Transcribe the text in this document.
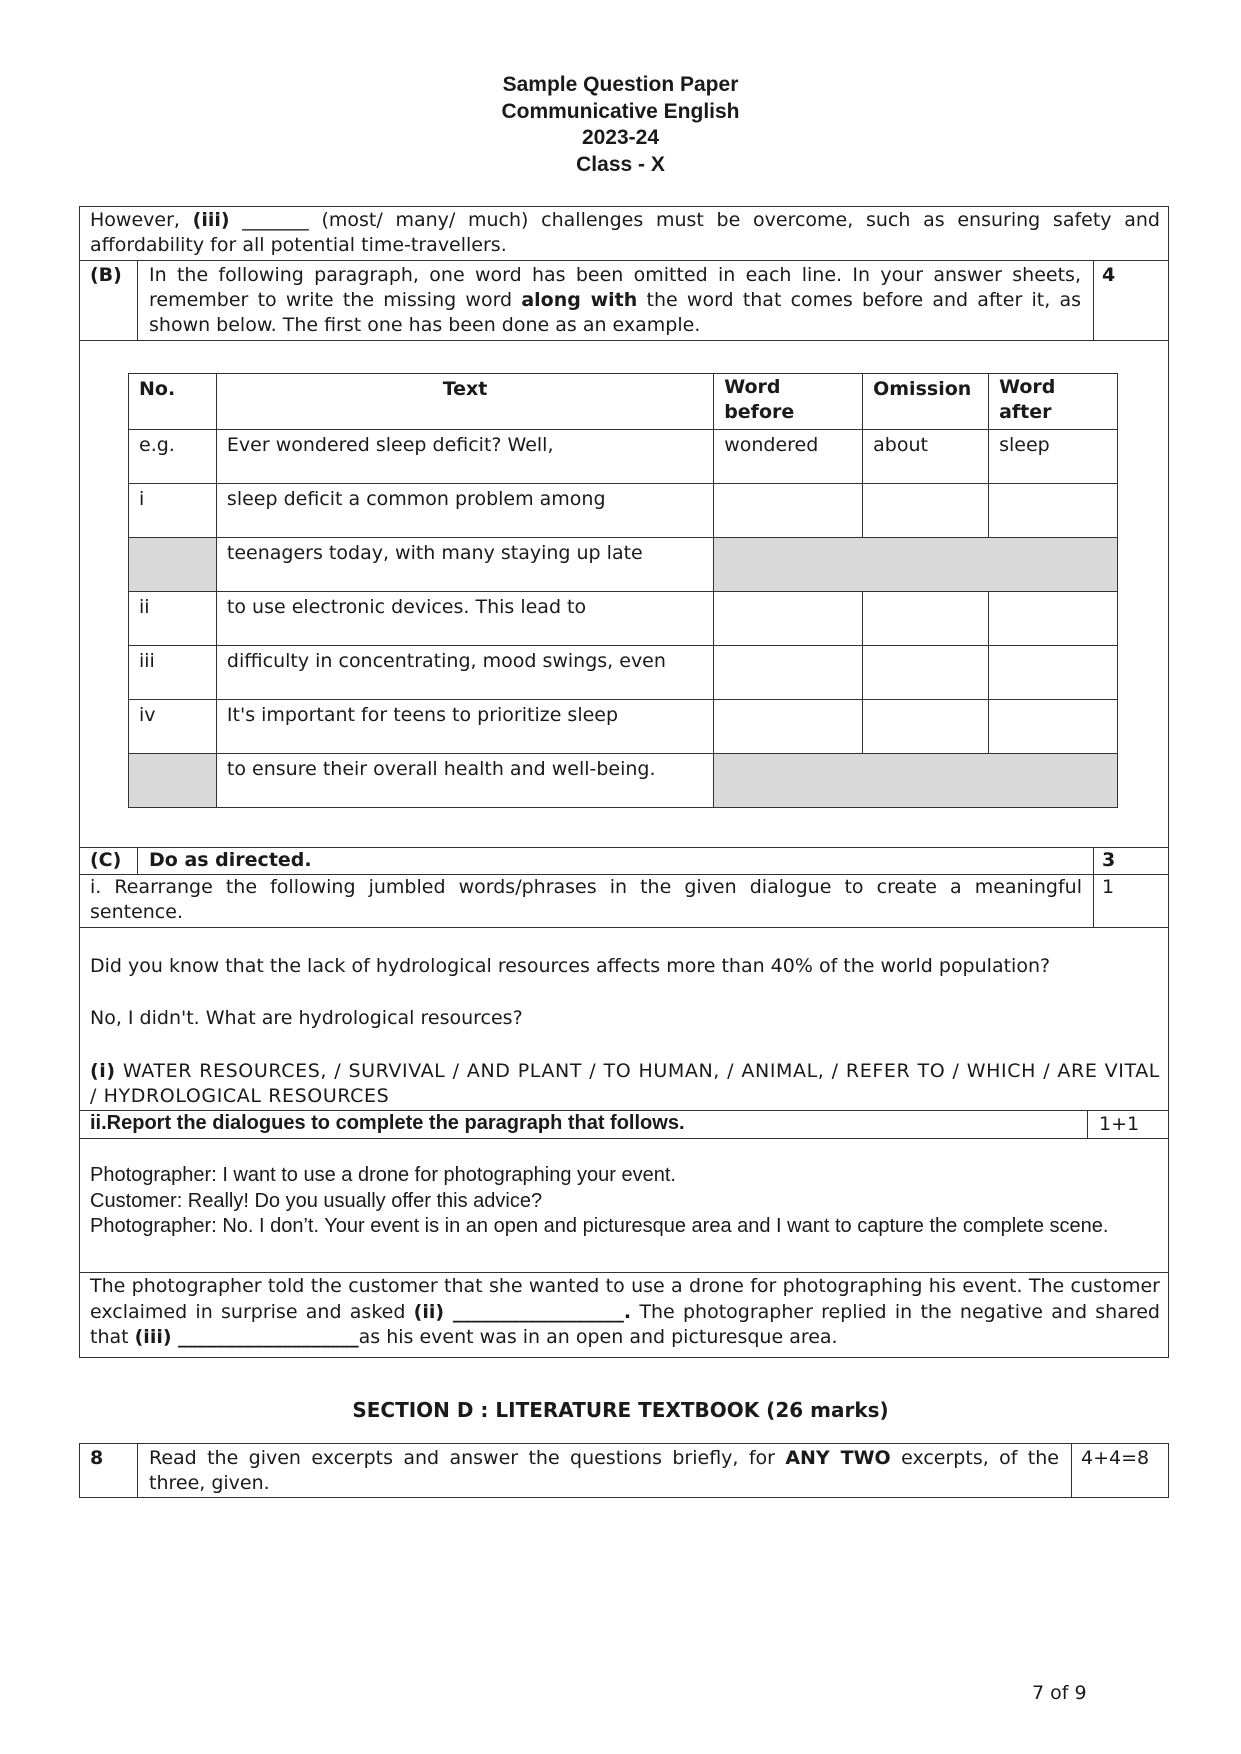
Sample Question Paper
Communicative English
2023-24
Class - X
However, (iii) _______ (most/ many/ much) challenges must be overcome, such as ensuring safety and affordability for all potential time-travellers.
(B) In the following paragraph, one word has been omitted in each line. In your answer sheets, remember to write the missing word along with the word that comes before and after it, as shown below. The first one has been done as an example.
4
No.	Text	Word before	Omission	Word after
e.g.	Ever wondered sleep deficit? Well,	wondered	about	sleep
i	sleep deficit a common problem among			
	teenagers today, with many staying up late			
ii	to use electronic devices. This lead to			
iii	difficulty in concentrating, mood swings, even			
iv	It's important for teens to prioritize sleep			
	to ensure their overall health and well-being.			
(C) Do as directed.	3
i. Rearrange the following jumbled words/phrases in the given dialogue to create a meaningful sentence.
1
Did you know that the lack of hydrological resources affects more than 40% of the world population?
No, I didn't. What are hydrological resources?
(i) WATER RESOURCES, / SURVIVAL / AND PLANT / TO HUMAN, / ANIMAL, / REFER TO / WHICH / ARE VITAL / HYDROLOGICAL RESOURCES
ii.Report the dialogues to complete the paragraph that follows.	1+1
Photographer: I want to use a drone for photographing your event.
Customer: Really! Do you usually offer this advice?
Photographer: No. I don’t. Your event is in an open and picturesque area and I want to capture the complete scene.
The photographer told the customer that she wanted to use a drone for photographing his event. The customer exclaimed in surprise and asked (ii) __________________. The photographer replied in the negative and shared that (iii) ___________________as his event was in an open and picturesque area.
SECTION D : LITERATURE TEXTBOOK (26 marks)
8 Read the given excerpts and answer the questions briefly, for ANY TWO excerpts, of the three, given.
4+4=8
7 of 9
